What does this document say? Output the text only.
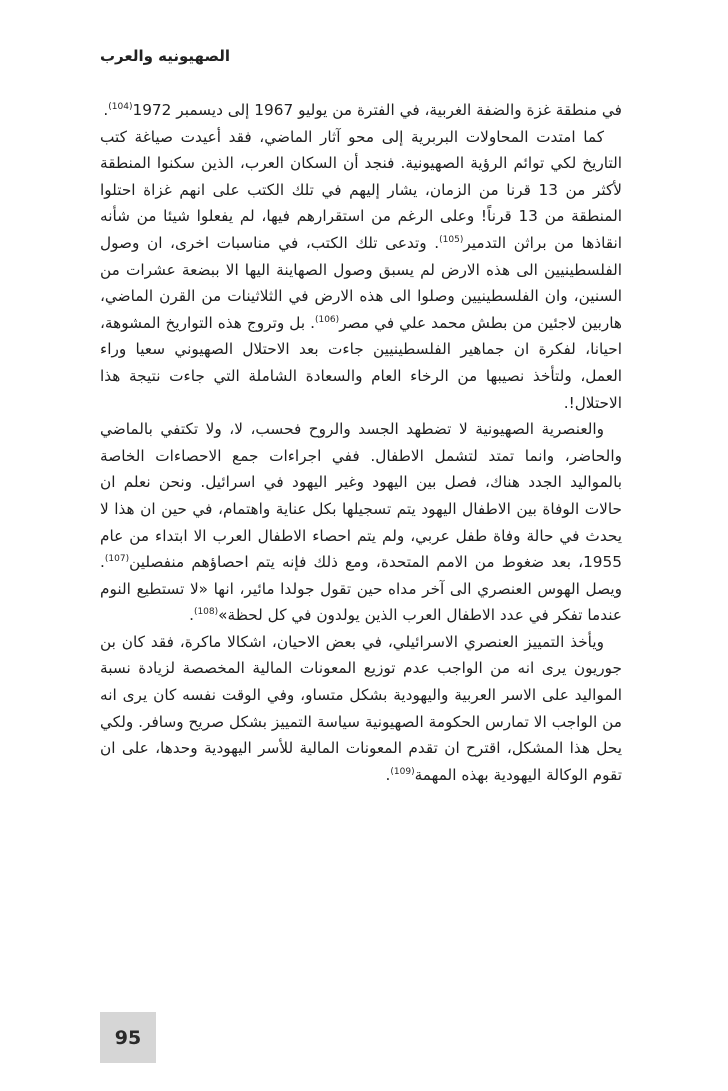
الصهيونيه والعرب

في منطقة غزة والضفة الغربية، في الفترة من يوليو 1967 إلى ديسمبر 1972$^{(104)}$.

كما امتدت المحاولات البربرية إلى محو آثار الماضي، فقد أعيدت صياغة كتب التاريخ لكي توائم الرؤية الصهيونية. فنجد أن السكان العرب، الذين سكنوا المنطقة لأكثر من 13 قرنا من الزمان، يشار إليهم في تلك الكتب على انهم غزاة احتلوا المنطقة من 13 قرناً! وعلى الرغم من استقرارهم فيها، لم يفعلوا شيئا من شأنه انقاذها من براثن التدمير$^{(105)}$. وتدعى تلك الكتب، في مناسبات اخرى، ان وصول الفلسطينيين الى هذه الارض لم يسبق وصول الصهاينة اليها الا ببضعة عشرات من السنين، وان الفلسطينيين وصلوا الى هذه الارض في الثلاثينات من القرن الماضي، هاربين لاجئين من بطش محمد علي في مصر$^{(106)}$. بل وتروج هذه التواريخ المشوهة، احيانا، لفكرة ان جماهير الفلسطينيين جاءت بعد الاحتلال الصهيوني سعيا وراء العمل، ولتأخذ نصيبها من الرخاء العام والسعادة الشاملة التي جاءت نتيجة هذا الاحتلال!.

والعنصرية الصهيونية لا تضطهد الجسد والروح فحسب، لا، ولا تكتفي بالماضي والحاضر، وانما تمتد لتشمل الاطفال. ففي اجراءات جمع الاحصاءات الخاصة بالمواليد الجدد هناك، فصل بين اليهود وغير اليهود في اسرائيل. ونحن نعلم ان حالات الوفاة بين الاطفال اليهود يتم تسجيلها بكل عناية واهتمام، في حين ان هذا لا يحدث في حالة وفاة طفل عربي، ولم يتم احصاء الاطفال العرب الا ابتداء من عام 1955، بعد ضغوط من الامم المتحدة، ومع ذلك فإنه يتم احصاؤهم منفصلين$^{(107)}$. ويصل الهوس العنصري الى آخر مداه حين تقول جولدا مائير، انها «لا تستطيع النوم عندما تفكر في عدد الاطفال العرب الذين يولدون في كل لحظة»$^{(108)}$.

ويأخذ التمييز العنصري الاسرائيلي، في بعض الاحيان، اشكالا ماكرة، فقد كان بن جوريون يرى انه من الواجب عدم توزيع المعونات المالية المخصصة لزيادة نسبة المواليد على الاسر العربية واليهودية بشكل متساو، وفي الوقت نفسه كان يرى انه من الواجب الا تمارس الحكومة الصهيونية سياسة التمييز بشكل صريح وسافر. ولكي يحل هذا المشكل، اقترح ان تقدم المعونات المالية للأسر اليهودية وحدها، على ان تقوم الوكالة اليهودية بهذه المهمة$^{(109)}$.

95
